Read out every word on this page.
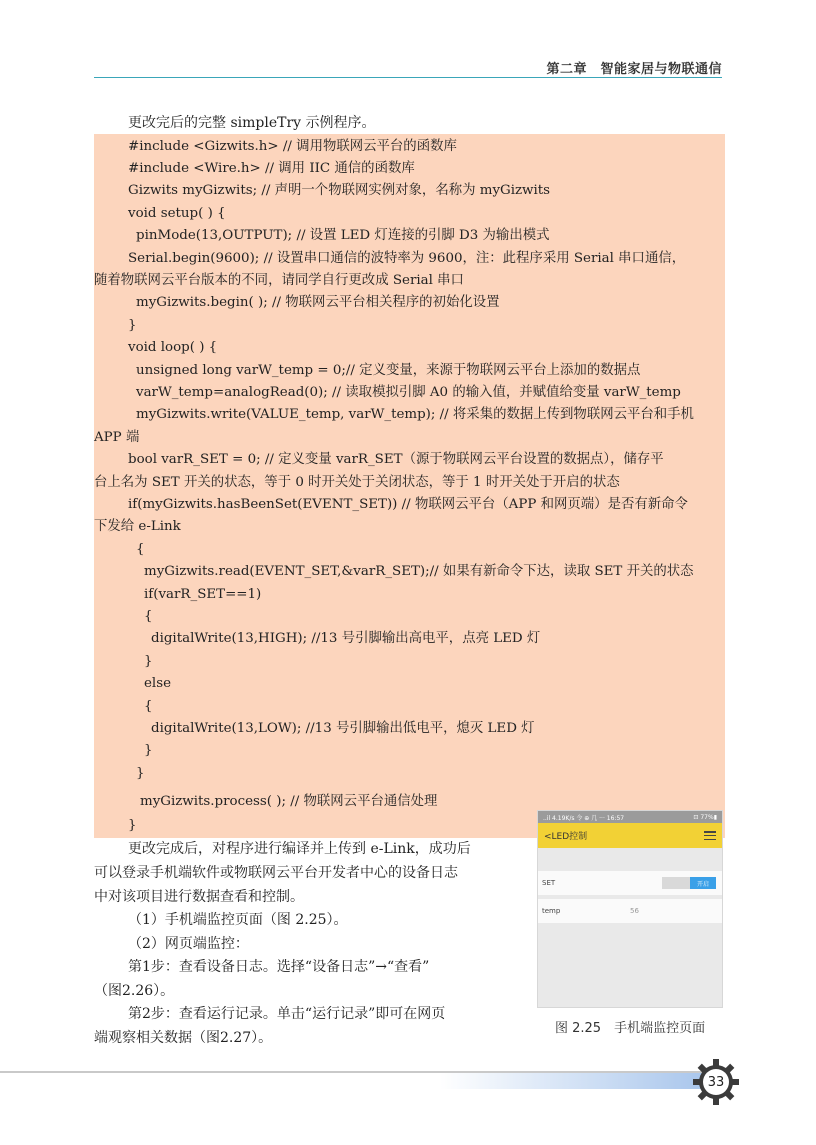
第二章　智能家居与物联通信
更改完后的完整 simpleTry 示例程序。
#include <Gizwits.h> // 调用物联网云平台的函数库
#include <Wire.h> // 调用 IIC 通信的函数库
Gizwits myGizwits; // 声明一个物联网实例对象，名称为 myGizwits
void setup( ) {
pinMode(13,OUTPUT); // 设置 LED 灯连接的引脚 D3 为输出模式
Serial.begin(9600); // 设置串口通信的波特率为 9600，注：此程序采用 Serial 串口通信，
随着物联网云平台版本的不同，请同学自行更改成 Serial 串口
myGizwits.begin( ); // 物联网云平台相关程序的初始化设置
}
void loop( ) {
unsigned long varW_temp = 0;// 定义变量，来源于物联网云平台上添加的数据点
varW_temp=analogRead(0); // 读取模拟引脚 A0 的输入值，并赋值给变量 varW_temp
myGizwits.write(VALUE_temp, varW_temp); // 将采集的数据上传到物联网云平台和手机
APP 端
bool varR_SET = 0; // 定义变量 varR_SET（源于物联网云平台设置的数据点），储存平
台上名为 SET 开关的状态，等于 0 时开关处于关闭状态，等于 1 时开关处于开启的状态
if(myGizwits.hasBeenSet(EVENT_SET)) // 物联网云平台（APP 和网页端）是否有新命令
下发给 e-Link
{
myGizwits.read(EVENT_SET,&varR_SET);// 如果有新命令下达，读取 SET 开关的状态
if(varR_SET==1)
{
digitalWrite(13,HIGH); //13 号引脚输出高电平，点亮 LED 灯
}
else
{
digitalWrite(13,LOW); //13 号引脚输出低电平，熄灭 LED 灯
}
}
myGizwits.process( ); // 物联网云平台通信处理
}
更改完成后，对程序进行编译并上传到 e-Link，成功后
可以登录手机端软件或物联网云平台开发者中心的设备日志
中对该项目进行数据查看和控制。
（1）手机端监控页面（图 2.25）。
（2）网页端监控：
第1步：查看设备日志。选择“设备日志”→“查看”
（图2.26）。
第2步：查看运行记录。单击“运行记录”即可在网页
端观察相关数据（图2.27）。
..il 4.19K/s 令 ⊕ 几 ··· 16:57	⊡ 77%▮
<LED控制
SET	开启
temp	56
图 2.25　手机端监控页面
33
